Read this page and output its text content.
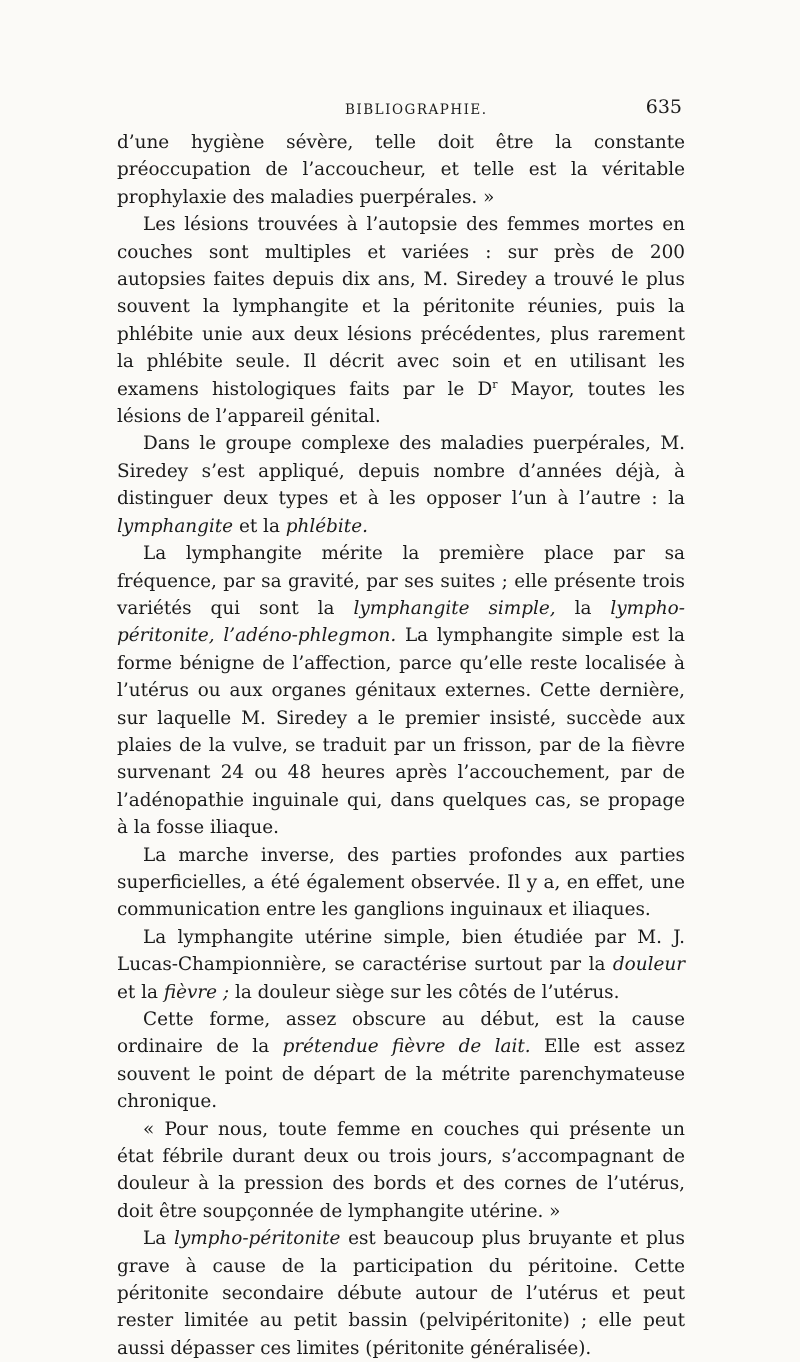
BIBLIOGRAPHIE.	635

d’une hygiène sévère, telle doit être la constante préoccupation de l’accoucheur, et telle est la véritable prophylaxie des maladies puerpérales. »

Les lésions trouvées à l’autopsie des femmes mortes en couches sont multiples et variées : sur près de 200 autopsies faites depuis dix ans, M. Siredey a trouvé le plus souvent la lymphangite et la péritonite réunies, puis la phlébite unie aux deux lésions précédentes, plus rarement la phlébite seule. Il décrit avec soin et en utilisant les examens histologiques faits par le $D^r$ Mayor, toutes les lésions de l’appareil génital.

Dans le groupe complexe des maladies puerpérales, M. Siredey s’est appliqué, depuis nombre d’années déjà, à distinguer deux types et à les opposer l’un à l’autre : la lymphangite et la phlébite.

La lymphangite mérite la première place par sa fréquence, par sa gravité, par ses suites ; elle présente trois variétés qui sont la lymphangite simple, la lympho-péritonite, l’adéno-phlegmon. La lymphangite simple est la forme bénigne de l’affection, parce qu’elle reste localisée à l’utérus ou aux organes génitaux externes. Cette dernière, sur laquelle M. Siredey a le premier insisté, succède aux plaies de la vulve, se traduit par un frisson, par de la fièvre survenant 24 ou 48 heures après l’accouchement, par de l’adénopathie inguinale qui, dans quelques cas, se propage à la fosse iliaque.

La marche inverse, des parties profondes aux parties superficielles, a été également observée. Il y a, en effet, une communication entre les ganglions inguinaux et iliaques.

La lymphangite utérine simple, bien étudiée par M. J. Lucas-Championnière, se caractérise surtout par la douleur et la fièvre ; la douleur siège sur les côtés de l’utérus.

Cette forme, assez obscure au début, est la cause ordinaire de la prétendue fièvre de lait. Elle est assez souvent le point de départ de la métrite parenchymateuse chronique.

« Pour nous, toute femme en couches qui présente un état fébrile durant deux ou trois jours, s’accompagnant de douleur à la pression des bords et des cornes de l’utérus, doit être soupçonnée de lymphangite utérine. »

La lympho-péritonite est beaucoup plus bruyante et plus grave à cause de la participation du péritoine. Cette péritonite secondaire débute autour de l’utérus et peut rester limitée au petit bassin (pelvipéritonite) ; elle peut aussi dépasser ces limites (péritonite généralisée).
